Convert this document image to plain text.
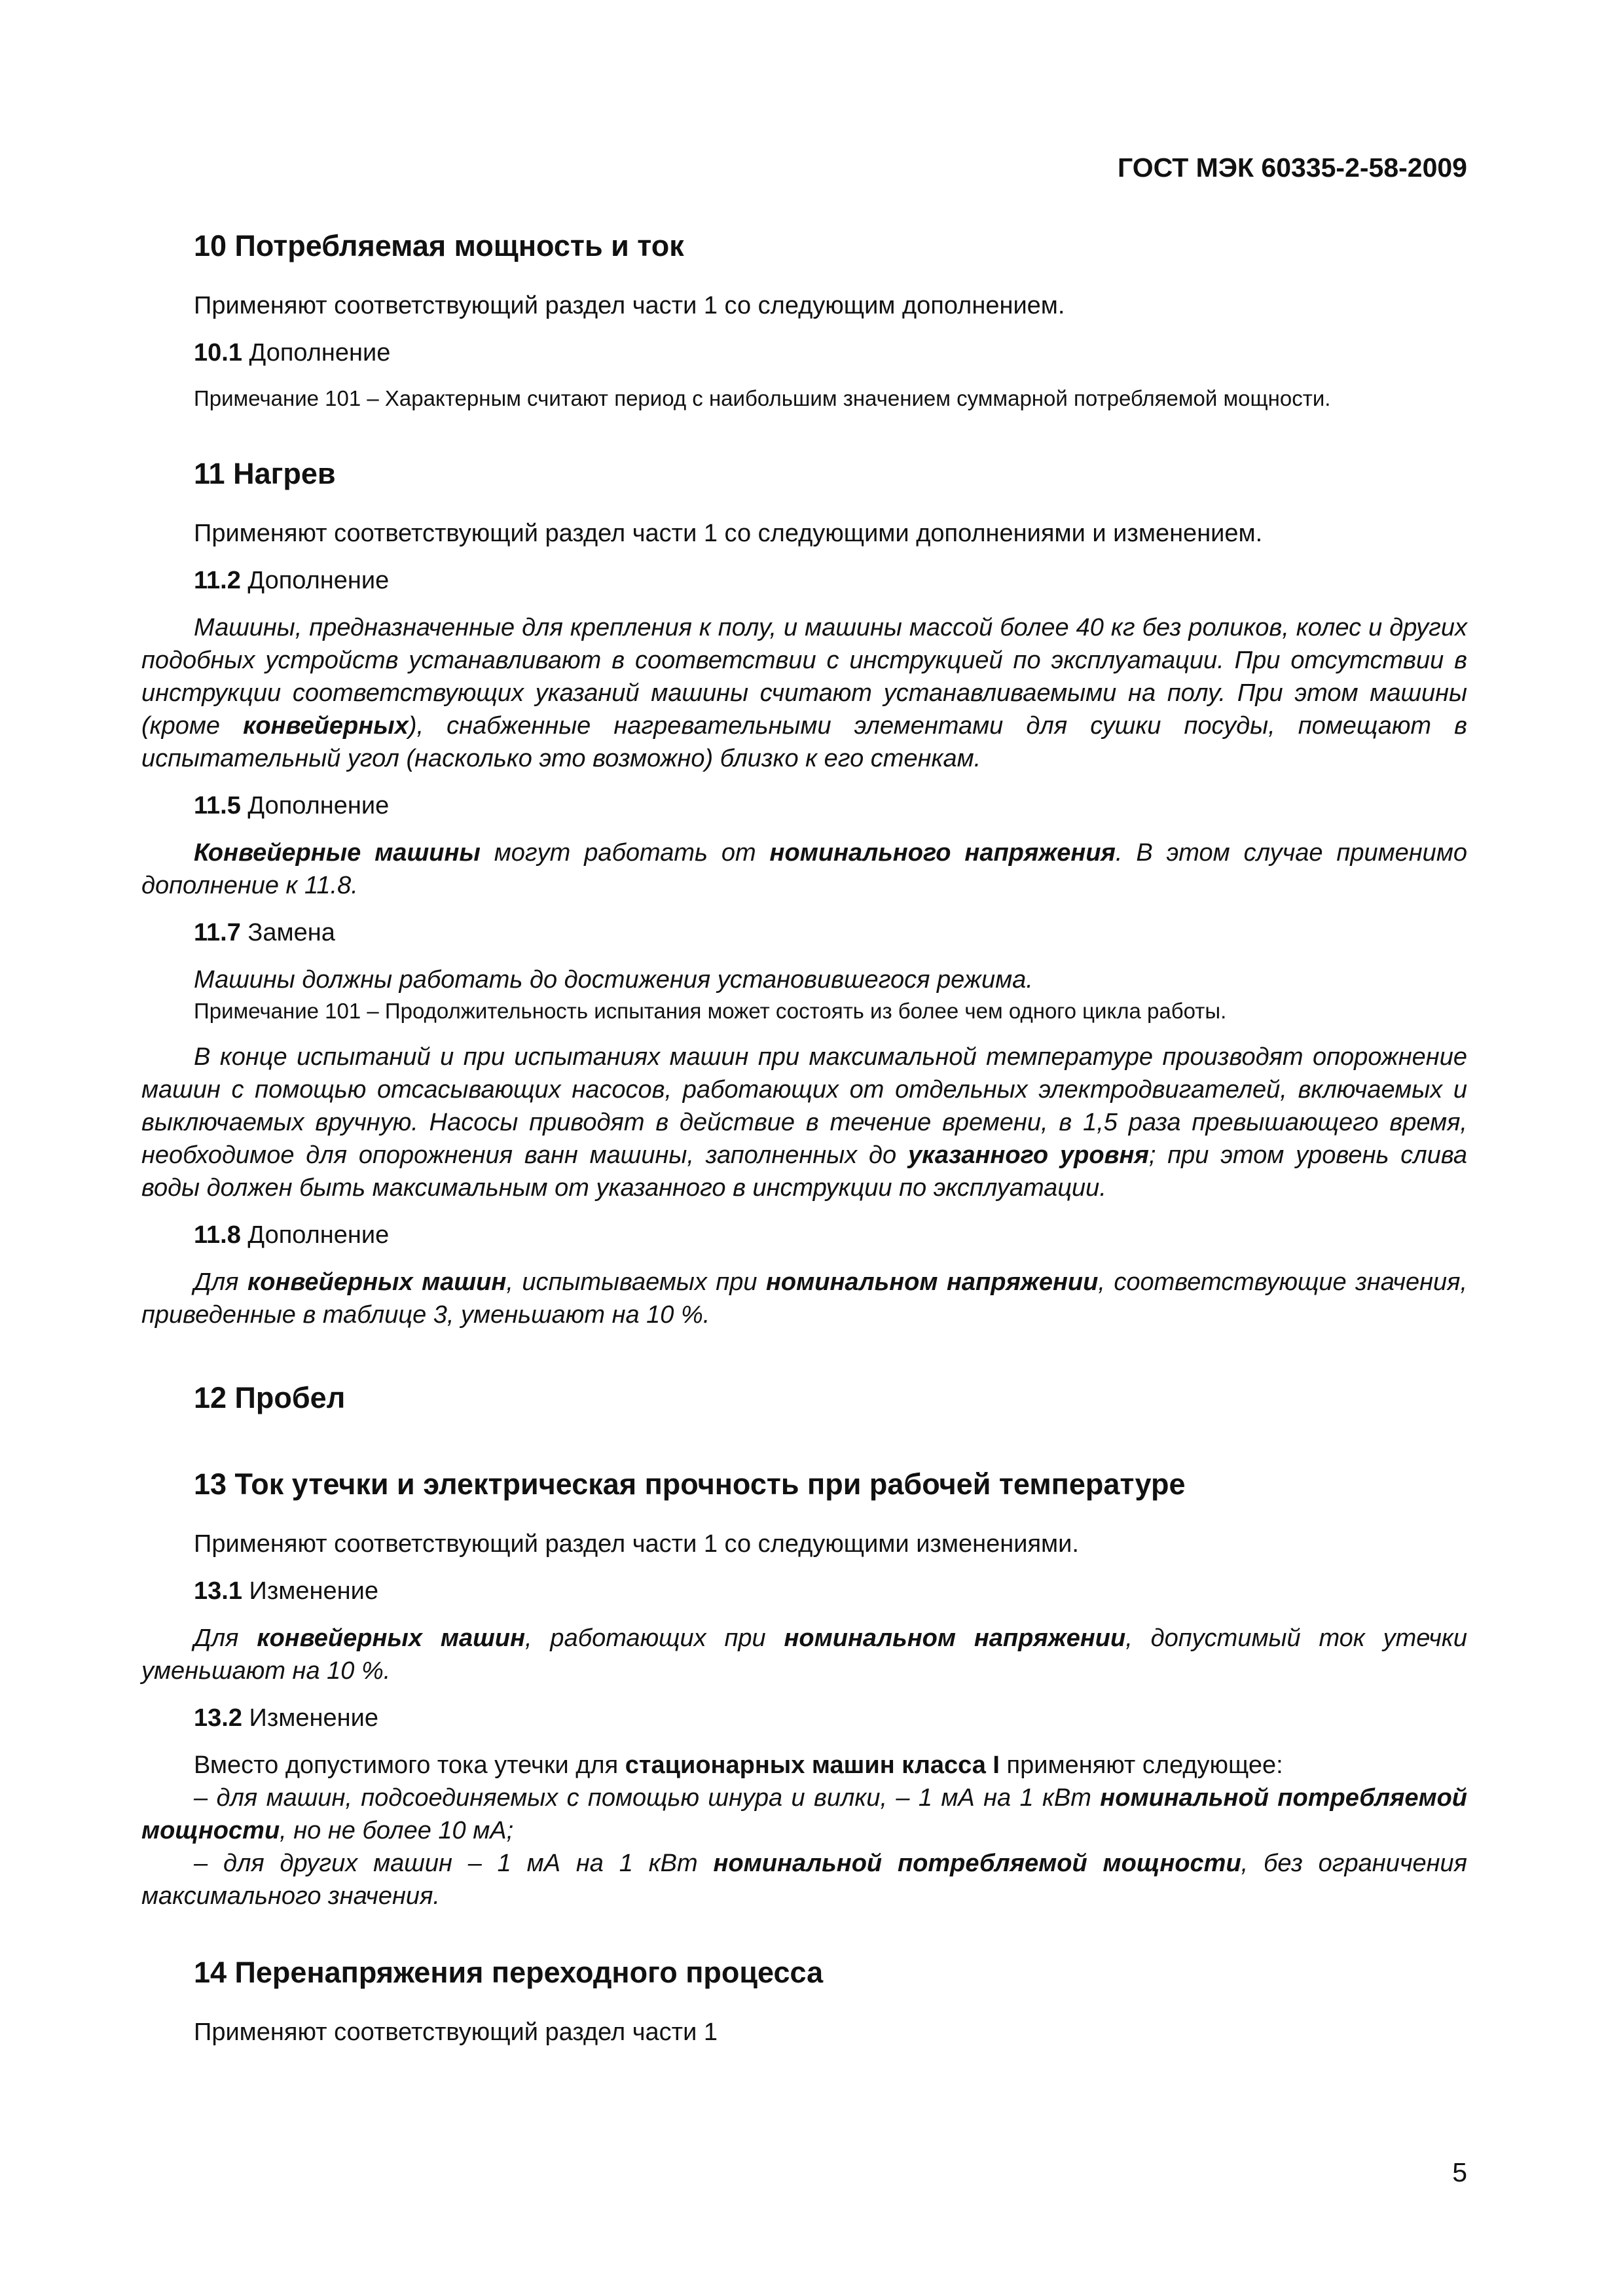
ГОСТ МЭК 60335-2-58-2009
10 Потребляемая мощность и ток

Применяют соответствующий раздел части 1 со следующим дополнением.

10.1 Дополнение

Примечание 101 – Характерным считают период с наибольшим значением суммарной потребляемой мощности.

11 Нагрев

Применяют соответствующий раздел части 1 со следующими дополнениями и изменением.

11.2 Дополнение

Машины, предназначенные для крепления к полу, и машины массой более 40 кг без роликов, колес и других подобных устройств устанавливают в соответствии с инструкцией по эксплуатации. При отсутствии в инструкции соответствующих указаний машины считают устанавливаемыми на полу. При этом машины (кроме конвейерных), снабженные нагревательными элементами для сушки посуды, помещают в испытательный угол (насколько это возможно) близко к его стенкам.

11.5 Дополнение

Конвейерные машины могут работать от номинального напряжения. В этом случае применимо дополнение к 11.8.

11.7 Замена

Машины должны работать до достижения установившегося режима.

Примечание 101 – Продолжительность испытания может состоять из более чем одного цикла работы.

В конце испытаний и при испытаниях машин при максимальной температуре производят опорожнение машин с помощью отсасывающих насосов, работающих от отдельных электродвигателей, включаемых и выключаемых вручную. Насосы приводят в действие в течение времени, в 1,5 раза превышающего время, необходимое для опорожнения ванн машины, заполненных до указанного уровня; при этом уровень слива воды должен быть максимальным от указанного в инструкции по эксплуатации.

11.8 Дополнение

Для конвейерных машин, испытываемых при номинальном напряжении, соответствующие значения, приведенные в таблице 3, уменьшают на 10 %.

12 Пробел
13 Ток утечки и электрическая прочность при рабочей температуре

Применяют соответствующий раздел части 1 со следующими изменениями.

13.1 Изменение

Для конвейерных машин, работающих при номинальном напряжении, допустимый ток утечки уменьшают на 10 %.

13.2 Изменение

Вместо допустимого тока утечки для стационарных машин класса I применяют следующее:

– для машин, подсоединяемых с помощью шнура и вилки, – 1 мА на 1 кВт номинальной потребляемой мощности, но не более 10 мА;

– для других машин – 1 мА на 1 кВт номинальной потребляемой мощности, без ограничения максимального значения.

14 Перенапряжения переходного процесса

Применяют соответствующий раздел части 1

5
